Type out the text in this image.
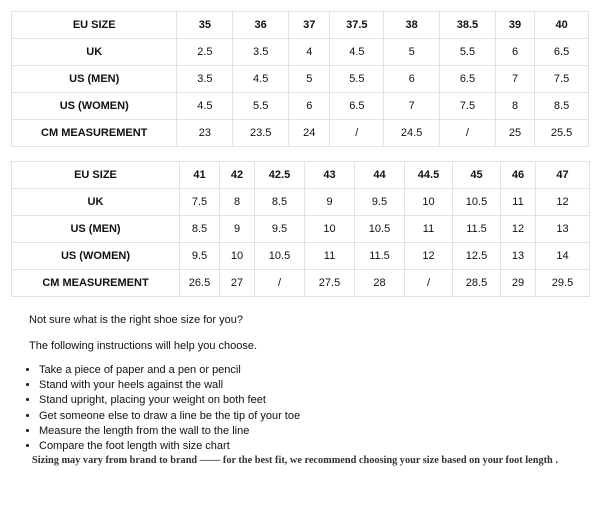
EU SIZE	35	36	37	37.5	38	38.5	39	40
UK	2.5	3.5	4	4.5	5	5.5	6	6.5
US (MEN)	3.5	4.5	5	5.5	6	6.5	7	7.5
US (WOMEN)	4.5	5.5	6	6.5	7	7.5	8	8.5
CM MEASUREMENT	23	23.5	24	/	24.5	/	25	25.5
EU SIZE	41	42	42.5	43	44	44.5	45	46	47
UK	7.5	8	8.5	9	9.5	10	10.5	11	12
US (MEN)	8.5	9	9.5	10	10.5	11	11.5	12	13
US (WOMEN)	9.5	10	10.5	11	11.5	12	12.5	13	14
CM MEASUREMENT	26.5	27	/	27.5	28	/	28.5	29	29.5

Not sure what is the right shoe size for you?

The following instructions will help you choose.

• Take a piece of paper and a pen or pencil
• Stand with your heels against the wall
• Stand upright, placing your weight on both feet
• Get someone else to draw a line be the tip of your toe
• Measure the length from the wall to the line
• Compare the foot length with size chart

Sizing may vary from brand to brand —— for the best fit, we recommend choosing your size based on your foot length .
